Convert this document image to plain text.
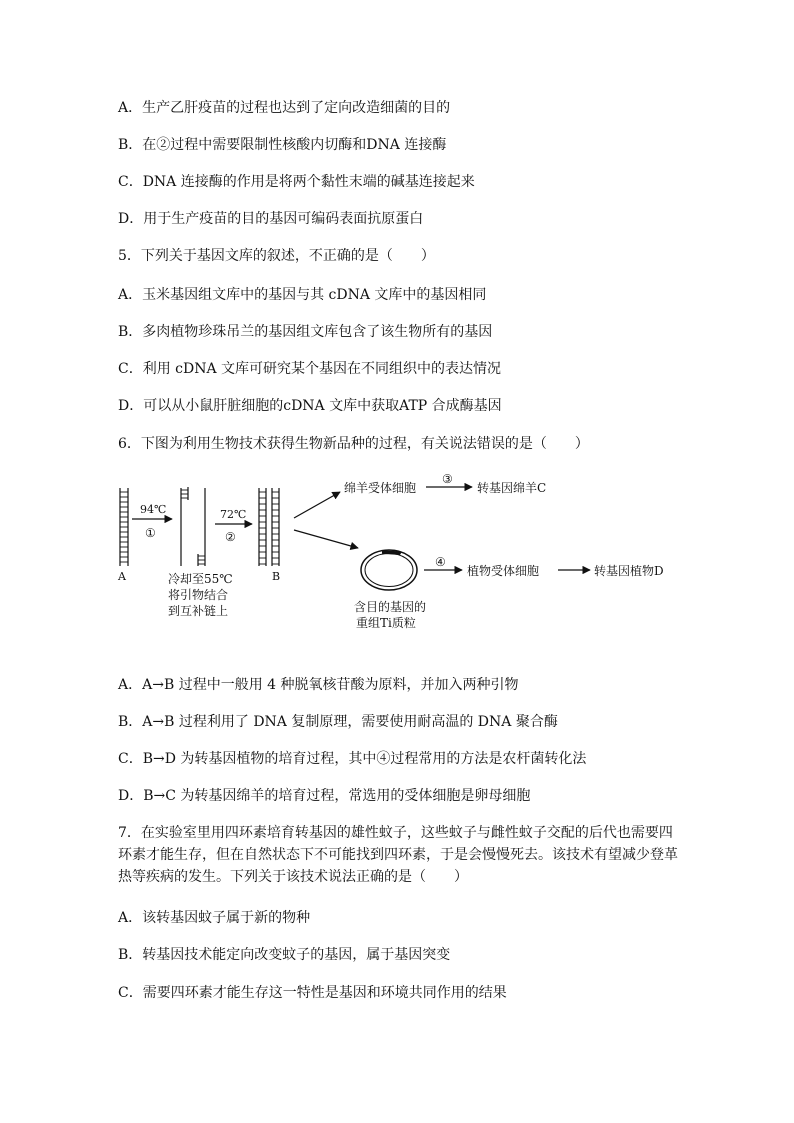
A．生产乙肝疫苗的过程也达到了定向改造细菌的目的
B．在②过程中需要限制性核酸内切酶和DNA 连接酶
C．DNA 连接酶的作用是将两个黏性末端的碱基连接起来
D．用于生产疫苗的目的基因可编码表面抗原蛋白
5．下列关于基因文库的叙述，不正确的是（　　）
A．玉米基因组文库中的基因与其 cDNA 文库中的基因相同
B．多肉植物珍珠吊兰的基因组文库包含了该生物所有的基因
C．利用 cDNA 文库可研究某个基因在不同组织中的表达情况
D．可以从小鼠肝脏细胞的cDNA 文库中获取ATP 合成酶基因
6．下图为利用生物技术获得生物新品种的过程，有关说法错误的是（　　）
A
94℃
①
72℃
②
B
冷却至55℃
将引物结合
到互补链上
绵羊受体细胞
③
转基因绵羊C
含目的基因的
重组Ti质粒
④
植物受体细胞	转基因植物D
A．A→B 过程中一般用 4 种脱氧核苷酸为原料，并加入两种引物
B．A→B 过程利用了 DNA 复制原理，需要使用耐高温的 DNA 聚合酶
C．B→D 为转基因植物的培育过程，其中④过程常用的方法是农杆菌转化法
D．B→C 为转基因绵羊的培育过程，常选用的受体细胞是卵母细胞
7．在实验室里用四环素培育转基因的雄性蚊子，这些蚊子与雌性蚊子交配的后代也需要四环素才能生存，但在自然状态下不可能找到四环素，于是会慢慢死去。该技术有望减少登革热等疾病的发生。下列关于该技术说法正确的是（　　）
A．该转基因蚊子属于新的物种
B．转基因技术能定向改变蚊子的基因，属于基因突变
C．需要四环素才能生存这一特性是基因和环境共同作用的结果
